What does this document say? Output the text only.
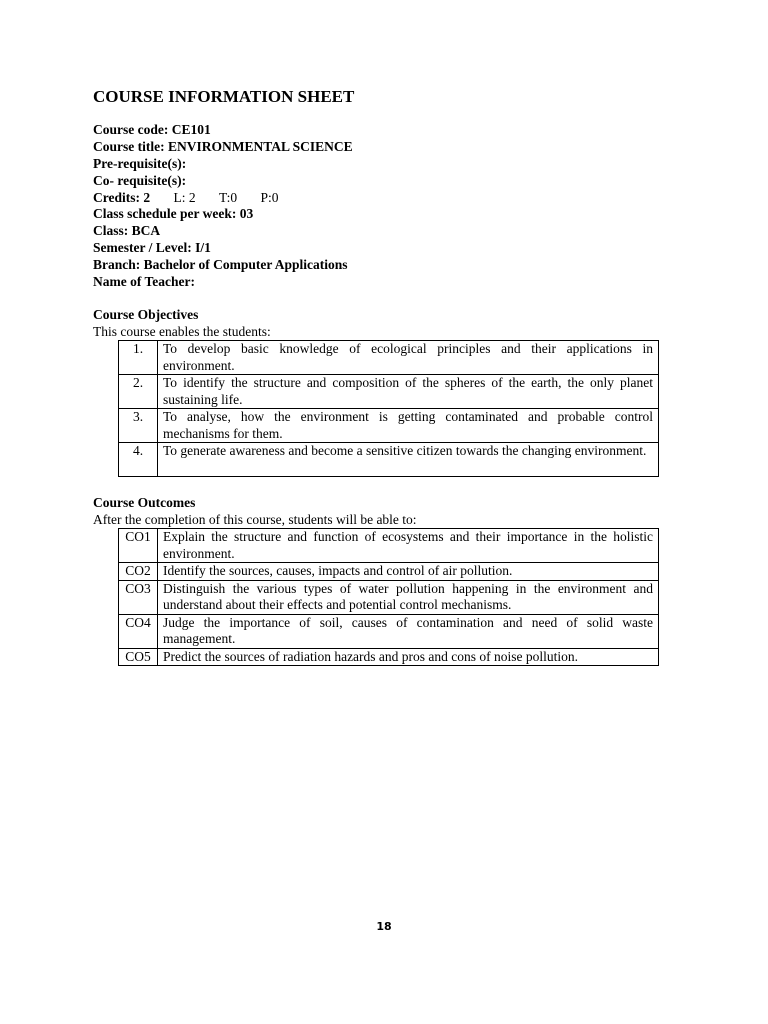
COURSE INFORMATION SHEET
Course code: CE101
Course title: ENVIRONMENTAL SCIENCE
Pre-requisite(s):
Co- requisite(s):
Credits: 2 L: 2 T:0 P:0
Class schedule per week: 03
Class: BCA
Semester / Level: I/1
Branch: Bachelor of Computer Applications
Name of Teacher:
Course Objectives
This course enables the students:
1.	To develop basic knowledge of ecological principles and their applications in environment.
2.	To identify the structure and composition of the spheres of the earth, the only planet sustaining life.
3.	To analyse, how the environment is getting contaminated and probable control mechanisms for them.
4.	To generate awareness and become a sensitive citizen towards the changing environment.
Course Outcomes
After the completion of this course, students will be able to:
CO1	Explain the structure and function of ecosystems and their importance in the holistic environment.
CO2	Identify the sources, causes, impacts and control of air pollution.
CO3	Distinguish the various types of water pollution happening in the environment and understand about their effects and potential control mechanisms.
CO4	Judge the importance of soil, causes of contamination and need of solid waste management.
CO5	Predict the sources of radiation hazards and pros and cons of noise pollution.
18
